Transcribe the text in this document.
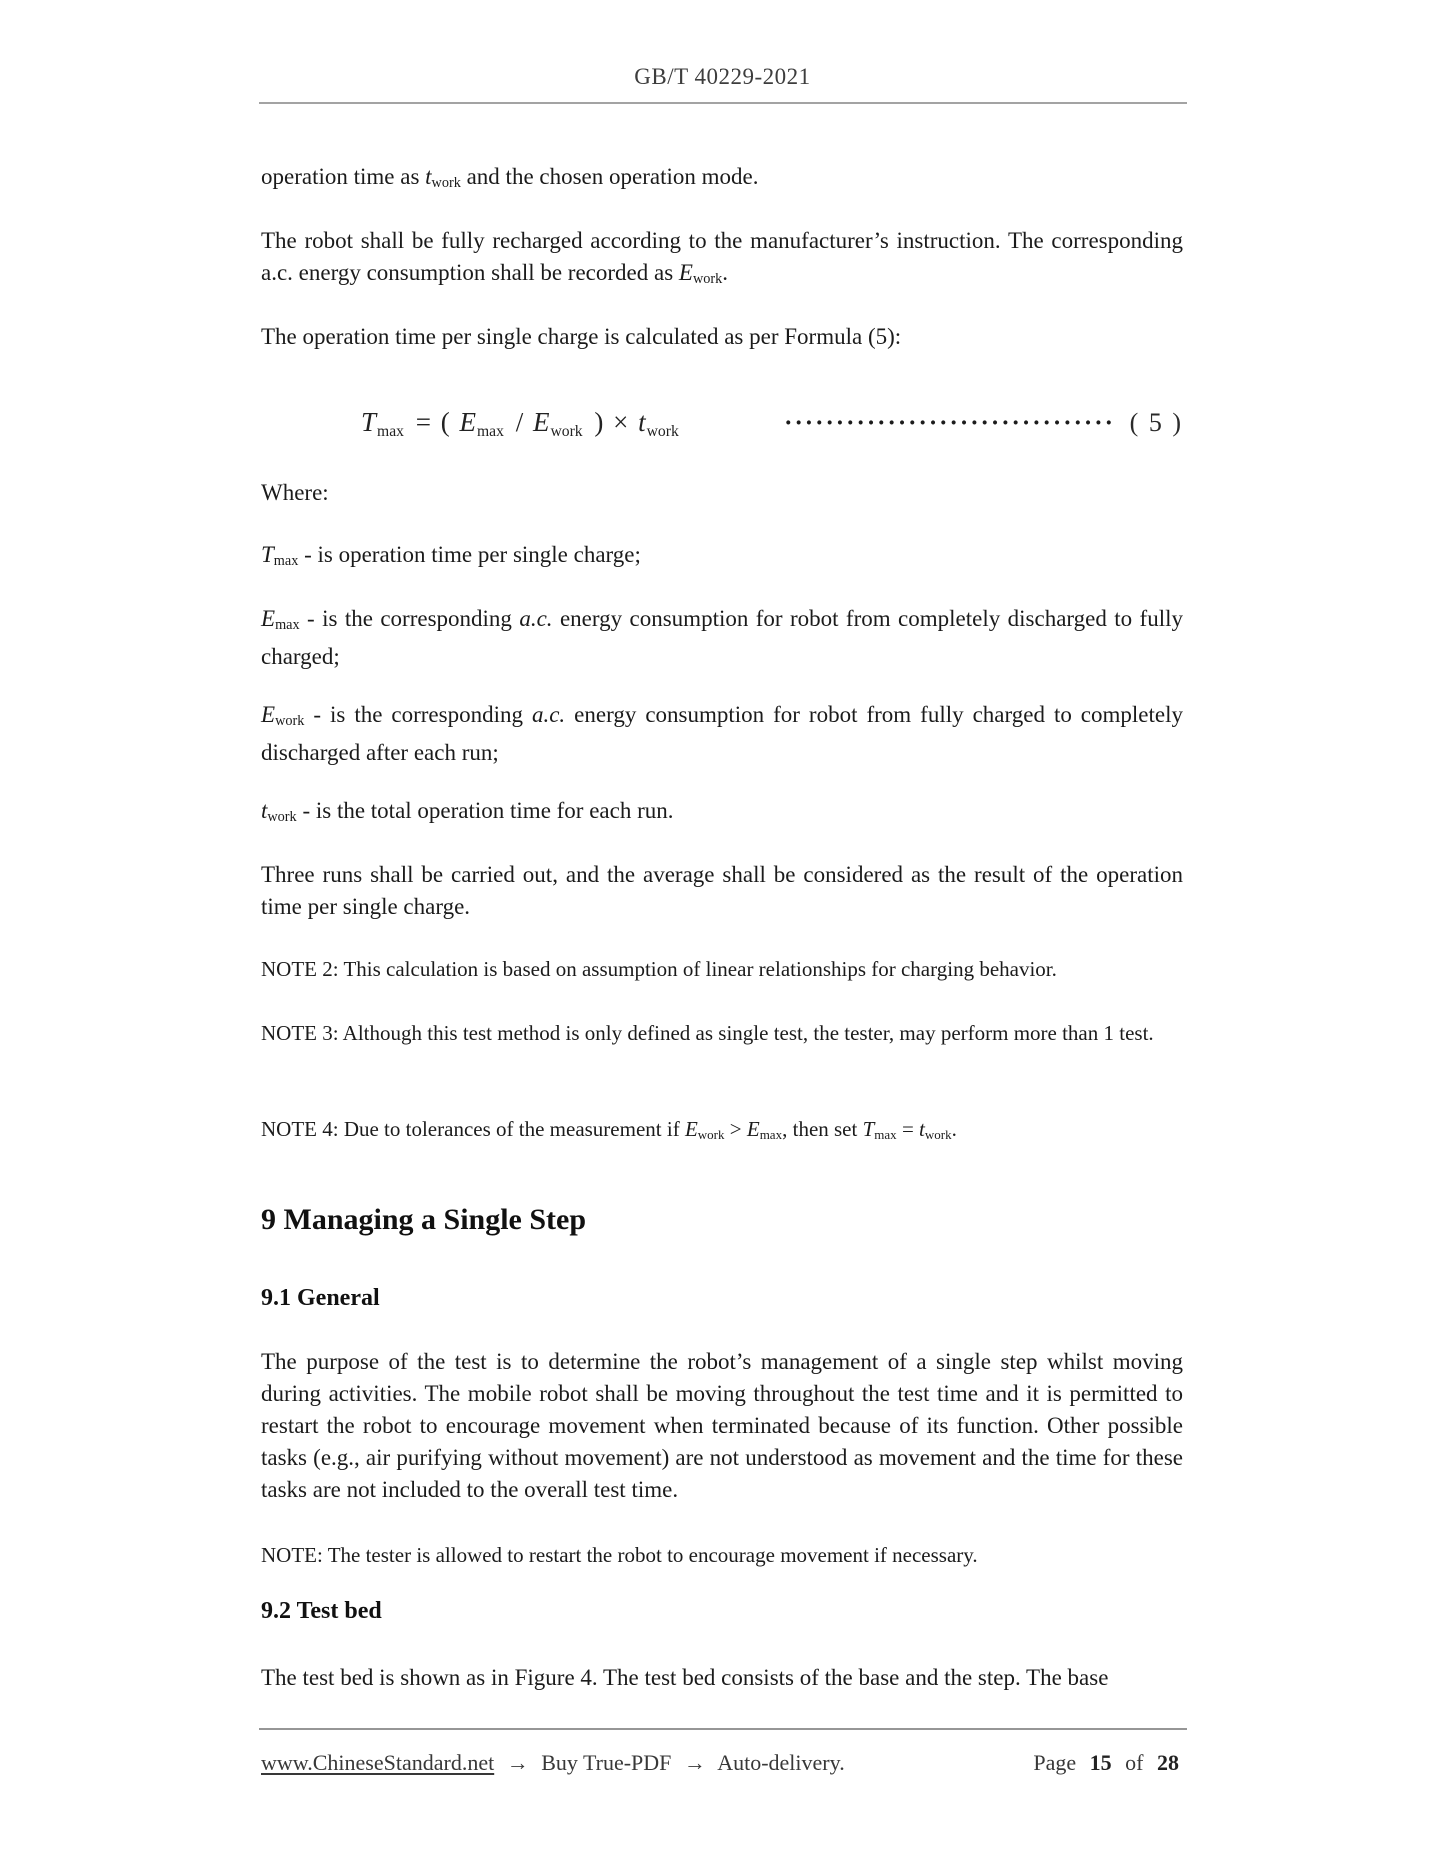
GB/T 40229-2021

operation time as twork and the chosen operation mode.

The robot shall be fully recharged according to the manufacturer’s instruction. The corresponding a.c. energy consumption shall be recorded as Ework.

The operation time per single charge is calculated as per Formula (5):

Tmax = ( Emax / Ework ) × twork	································ ( 5 )

Where:

Tmax - is operation time per single charge;

Emax - is the corresponding a.c. energy consumption for robot from completely discharged to fully charged;

Ework - is the corresponding a.c. energy consumption for robot from fully charged to completely discharged after each run;

twork - is the total operation time for each run.

Three runs shall be carried out, and the average shall be considered as the result of the operation time per single charge.

NOTE 2: This calculation is based on assumption of linear relationships for charging behavior.

NOTE 3: Although this test method is only defined as single test, the tester, may perform more than 1 test.

NOTE 4: Due to tolerances of the measurement if Ework > Emax, then set Tmax = twork.

9 Managing a Single Step
9.1 General

The purpose of the test is to determine the robot’s management of a single step whilst moving during activities. The mobile robot shall be moving throughout the test time and it is permitted to restart the robot to encourage movement when terminated because of its function. Other possible tasks (e.g., air purifying without movement) are not understood as movement and the time for these tasks are not included to the overall test time.

NOTE: The tester is allowed to restart the robot to encourage movement if necessary.

9.2 Test bed

The test bed is shown as in Figure 4. The test bed consists of the base and the step. The base

www.ChineseStandard.net → Buy True-PDF → Auto-delivery.	Page 15 of 28
